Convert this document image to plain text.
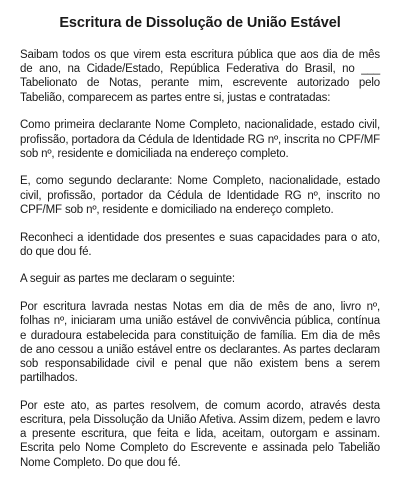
Escritura de Dissolução de União Estável

Saibam todos os que virem esta escritura pública que aos dia de mês de ano, na Cidade/Estado, República Federativa do Brasil, no ___ Tabelionato de Notas, perante mim, escrevente autorizado pelo Tabelião, comparecem as partes entre si, justas e contratadas:

Como primeira declarante Nome Completo, nacionalidade, estado civil, profissão, portadora da Cédula de Identidade RG nº, inscrita no CPF/MF sob nº, residente e domiciliada na endereço completo.

E, como segundo declarante: Nome Completo, nacionalidade, estado civil, profissão, portador da Cédula de Identidade RG nº, inscrito no CPF/MF sob nº, residente e domiciliado na endereço completo.

Reconheci a identidade dos presentes e suas capacidades para o ato, do que dou fé.

A seguir as partes me declaram o seguinte:

Por escritura lavrada nestas Notas em dia de mês de ano, livro nº, folhas nº, iniciaram uma união estável de convivência pública, contínua e duradoura estabelecida para constituição de família. Em dia de mês de ano cessou a união estável entre os declarantes. As partes declaram sob responsabilidade civil e penal que não existem bens a serem partilhados.

Por este ato, as partes resolvem, de comum acordo, através desta escritura, pela Dissolução da União Afetiva. Assim dizem, pedem e lavro a presente escritura, que feita e lida, aceitam, outorgam e assinam. Escrita pelo Nome Completo do Escrevente e assinada pelo Tabelião Nome Completo. Do que dou fé.
